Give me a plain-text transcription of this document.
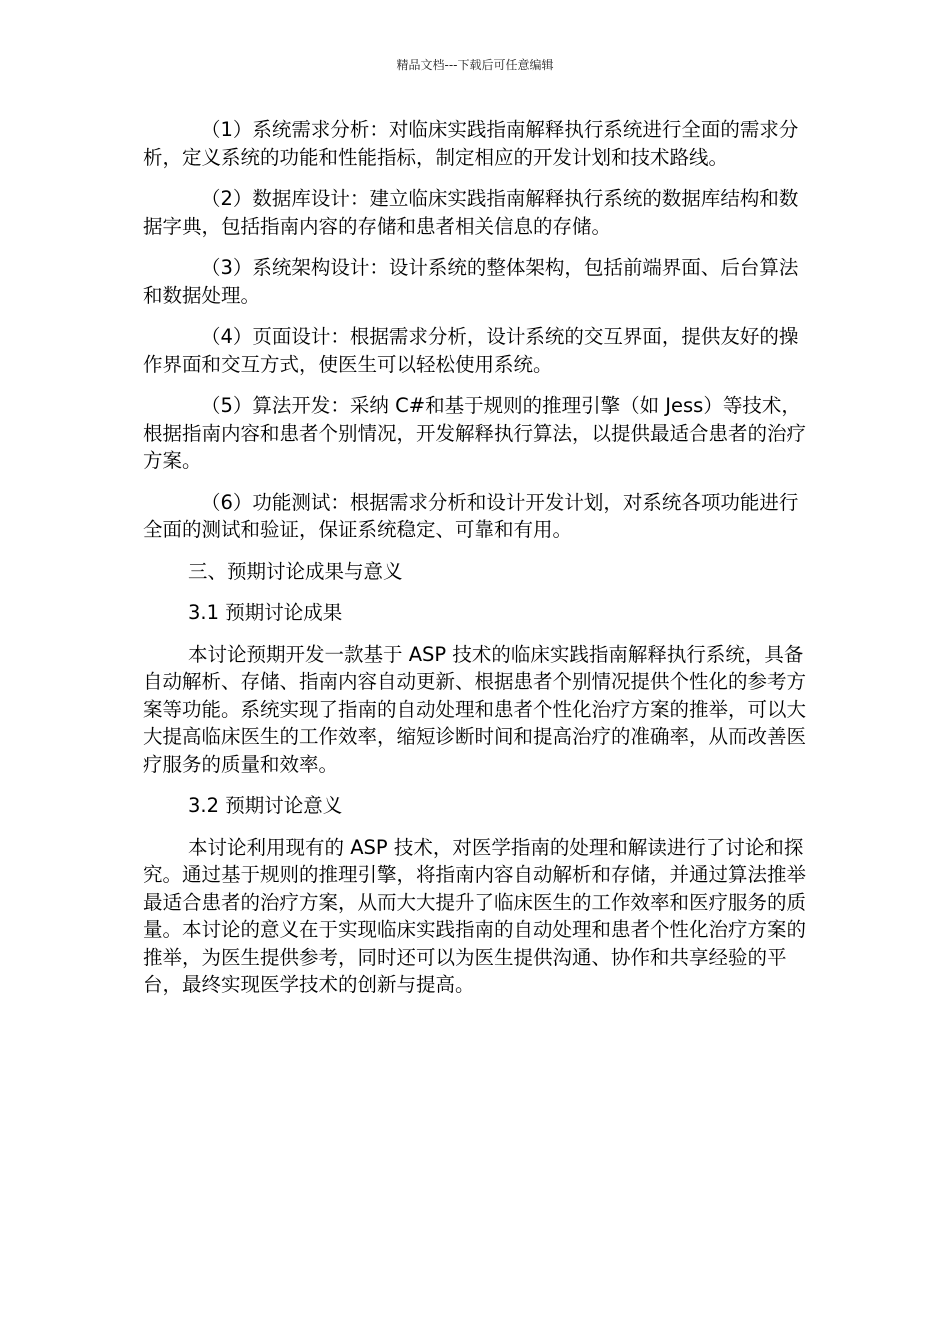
精品文档---下载后可任意编辑

（1）系统需求分析：对临床实践指南解释执行系统进行全面的需求分析，定义系统的功能和性能指标，制定相应的开发计划和技术路线。

（2）数据库设计：建立临床实践指南解释执行系统的数据库结构和数据字典，包括指南内容的存储和患者相关信息的存储。

（3）系统架构设计：设计系统的整体架构，包括前端界面、后台算法和数据处理。

（4）页面设计：根据需求分析，设计系统的交互界面，提供友好的操作界面和交互方式，使医生可以轻松使用系统。

（5）算法开发：采纳 C#和基于规则的推理引擎（如 Jess）等技术，根据指南内容和患者个别情况，开发解释执行算法，以提供最适合患者的治疗方案。

（6）功能测试：根据需求分析和设计开发计划，对系统各项功能进行全面的测试和验证，保证系统稳定、可靠和有用。

三、预期讨论成果与意义

3.1 预期讨论成果

本讨论预期开发一款基于 ASP 技术的临床实践指南解释执行系统，具备自动解析、存储、指南内容自动更新、根据患者个别情况提供个性化的参考方案等功能。系统实现了指南的自动处理和患者个性化治疗方案的推举，可以大大提高临床医生的工作效率，缩短诊断时间和提高治疗的准确率，从而改善医疗服务的质量和效率。

3.2 预期讨论意义

本讨论利用现有的 ASP 技术，对医学指南的处理和解读进行了讨论和探究。通过基于规则的推理引擎，将指南内容自动解析和存储，并通过算法推举最适合患者的治疗方案，从而大大提升了临床医生的工作效率和医疗服务的质量。本讨论的意义在于实现临床实践指南的自动处理和患者个性化治疗方案的推举，为医生提供参考，同时还可以为医生提供沟通、协作和共享经验的平台，最终实现医学技术的创新与提高。
